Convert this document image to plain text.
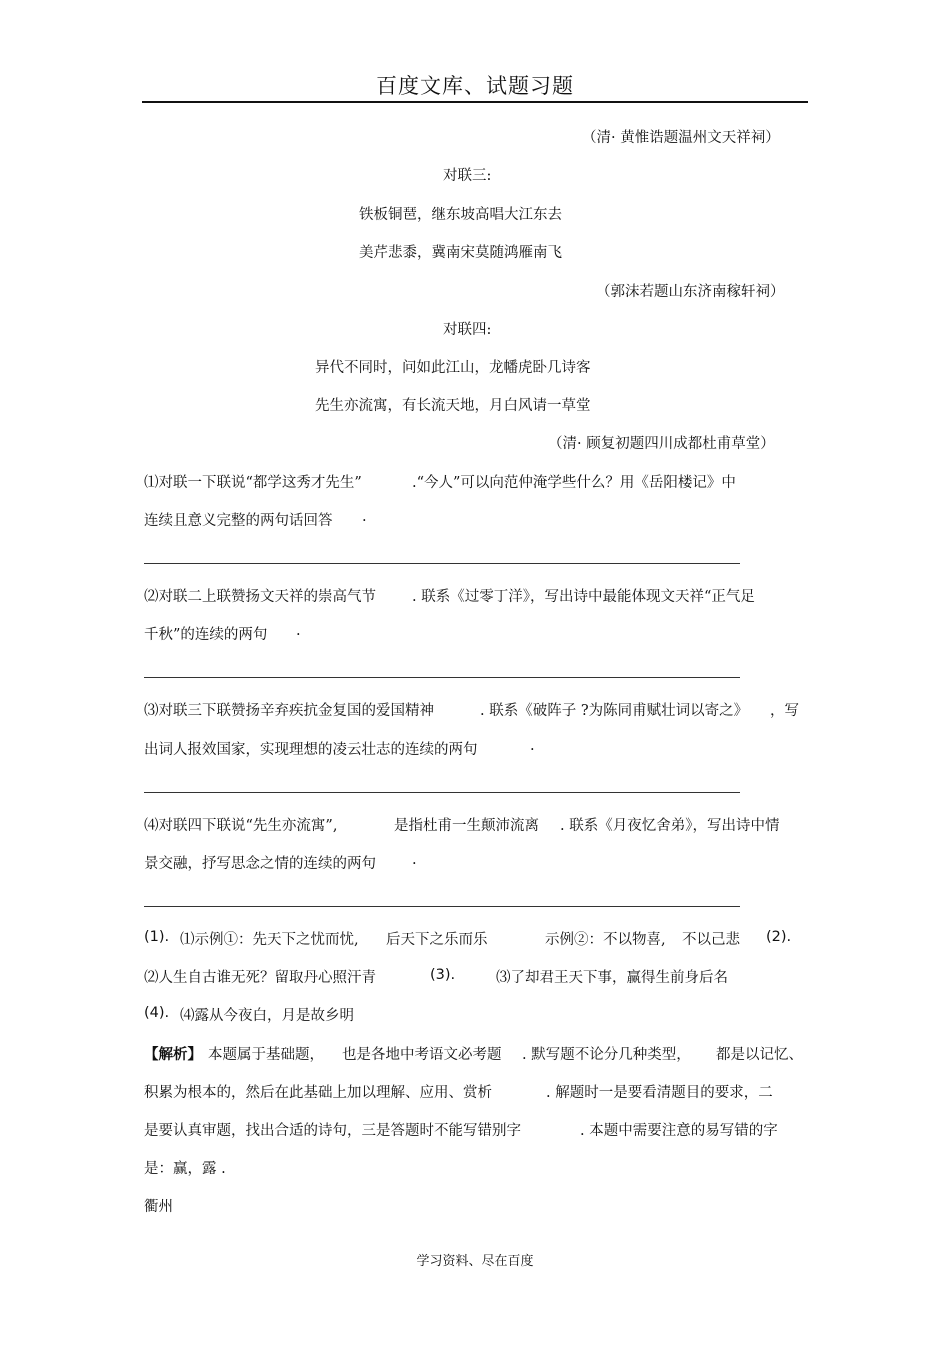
百度文库、试题习题
（清· 黄惟诰题温州文天祥祠）
对联三:
铁板铜琶，继东坡高唱大江东去
美芹悲黍，冀南宋莫随鸿雁南飞
（郭沫若题山东济南稼轩祠）
对联四:
异代不同时，问如此江山，龙幡虎卧几诗客
先生亦流寓，有长流天地，月白风请一草堂
（清· 顾复初题四川成都杜甫草堂）
⑴对联一下联说“都学这秀才先生”	.“今人”可以向范仲淹学些什么？用《岳阳楼记》中
连续且意义完整的两句话回答 .
⑵对联二上联赞扬文天祥的崇高气节 . 联系《过零丁洋》，写出诗中最能体现文天祥“正气足
千秋”的连续的两句 .
⑶对联三下联赞扬辛弃疾抗金复国的爱国精神	. 联系《破阵子 ?为陈同甫赋壮词以寄之》 ，写
出词人报效国家，实现理想的凌云壮志的连续的两句	.
⑷对联四下联说“先生亦流寓”,	是指杜甫一生颠沛流离 . 联系《月夜忆舍弟》，写出诗中情
景交融，抒写思念之情的连续的两句 .
(1). ⑴示例①：先天下之忧而忧, 后天下之乐而乐	示例②：不以物喜, 不以己悲 (2).
⑵人生自古谁无死？留取丹心照汗青	(3).	⑶了却君王天下事，赢得生前身后名
(4). ⑷露从今夜白，月是故乡明
【解析】 本题属于基础题， 也是各地中考语文必考题 . 默写题不论分几种类型， 都是以记忆、
积累为根本的，然后在此基础上加以理解、应用、赏析	. 解题时一是要看清题目的要求，二
是要认真审题，找出合适的诗句，三是答题时不能写错别字	. 本题中需要注意的易写错的字
是：赢，露 .
衢州
学习资料、尽在百度
